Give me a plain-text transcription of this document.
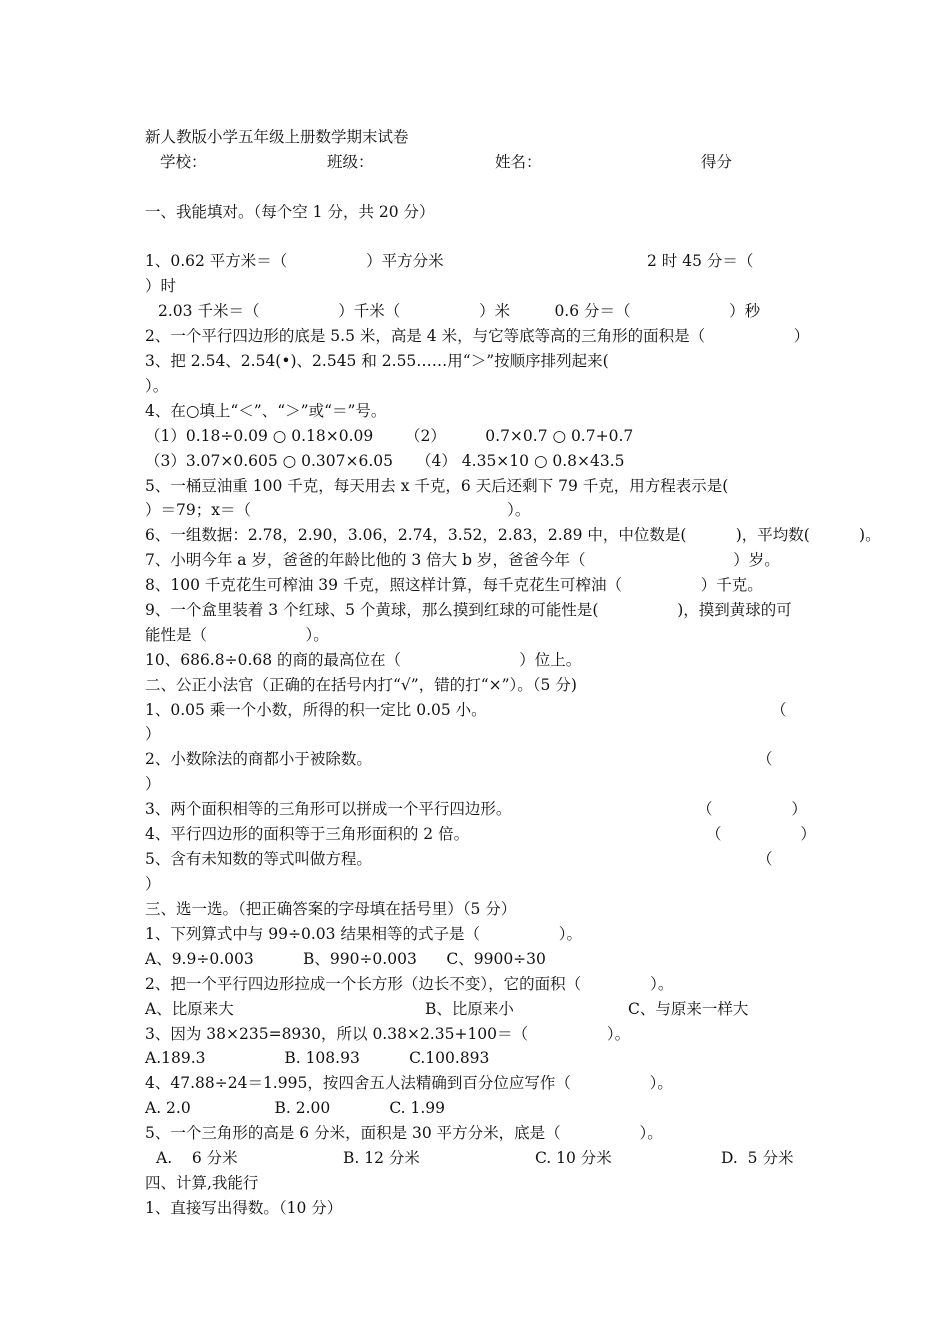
新人教版小学五年级上册数学期末试卷
学校：	班级：	姓名：	得分
一、我能填对。（每个空 1 分，共 20 分）
1、0.62 平方米＝（                ）平方分米	2 时 45 分＝（
）时
2.03 千米＝（                ）千米（                ）米         0.6 分＝（                    ）秒
2、一个平行四边形的底是 5.5 米，高是 4 米，与它等底等高的三角形的面积是（                  ）
3、把 2.54、2.54(•)、2.545 和 2.55……用“＞”按顺序排列起来(
）。
4、在○填上“＜”、“＞”或“＝”号。
（1）0.18÷0.09 ○ 0.18×0.09 （2）        0.7×0.7 ○ 0.7+0.7
（3）3.07×0.605 ○ 0.307×6.05 （4） 4.35×10 ○ 0.8×43.5
5、一桶豆油重 100 千克，每天用去 x 千克，6 天后还剩下 79 千克，用方程表示是(
）＝79；x＝（                                                    ）。
6、一组数据：2.78，2.90，3.06，2.74，3.52，2.83，2.89 中，中位数是(          )，平均数(          )。
7、小明今年 a 岁，爸爸的年龄比他的 3 倍大 b 岁，爸爸今年（                              ）岁。
8、100 千克花生可榨油 39 千克，照这样计算，每千克花生可榨油（                ）千克。
9、一个盒里装着 3 个红球、5 个黄球，那么摸到红球的可能性是(                )，摸到黄球的可
能性是（                    ）。
10、686.8÷0.68 的商的最高位在（                        ）位上。
二、公正小法官（正确的在括号内打“√”，错的打“×”）。（5 分)
1、0.05 乘一个小数，所得的积一定比 0.05 小。	（
）
2、小数除法的商都小于被除数。	（
）
3、两个面积相等的三角形可以拼成一个平行四边形。	（                ）
4、平行四边形的面积等于三角形面积的 2 倍。	（                ）
5、含有未知数的等式叫做方程。	（
）
三、选一选。（把正确答案的字母填在括号里）（5 分）
1、下列算式中与 99÷0.03 结果相等的式子是（                ）。
A、9.9÷0.003          B、990÷0.003      C、9900÷30
2、把一个平行四边形拉成一个长方形（边长不变），它的面积（              ）。
A、比原来大	B、比原来小	C、与原来一样大
3、因为 38×235=8930，所以 0.38×2.35+100＝（                ）。
A.189.3                B. 108.93          C.100.893
4、47.88÷24＝1.995，按四舍五人法精确到百分位应写作（                ）。
A. 2.0                 B. 2.00            C. 1.99
5、一个三角形的高是 6 分米，面积是 30 平方分米，底是（                ）。
A.    6 分米	B. 12 分米	C. 10 分米	D.  5 分米
四、计算,我能行
1、直接写出得数。（10 分）
